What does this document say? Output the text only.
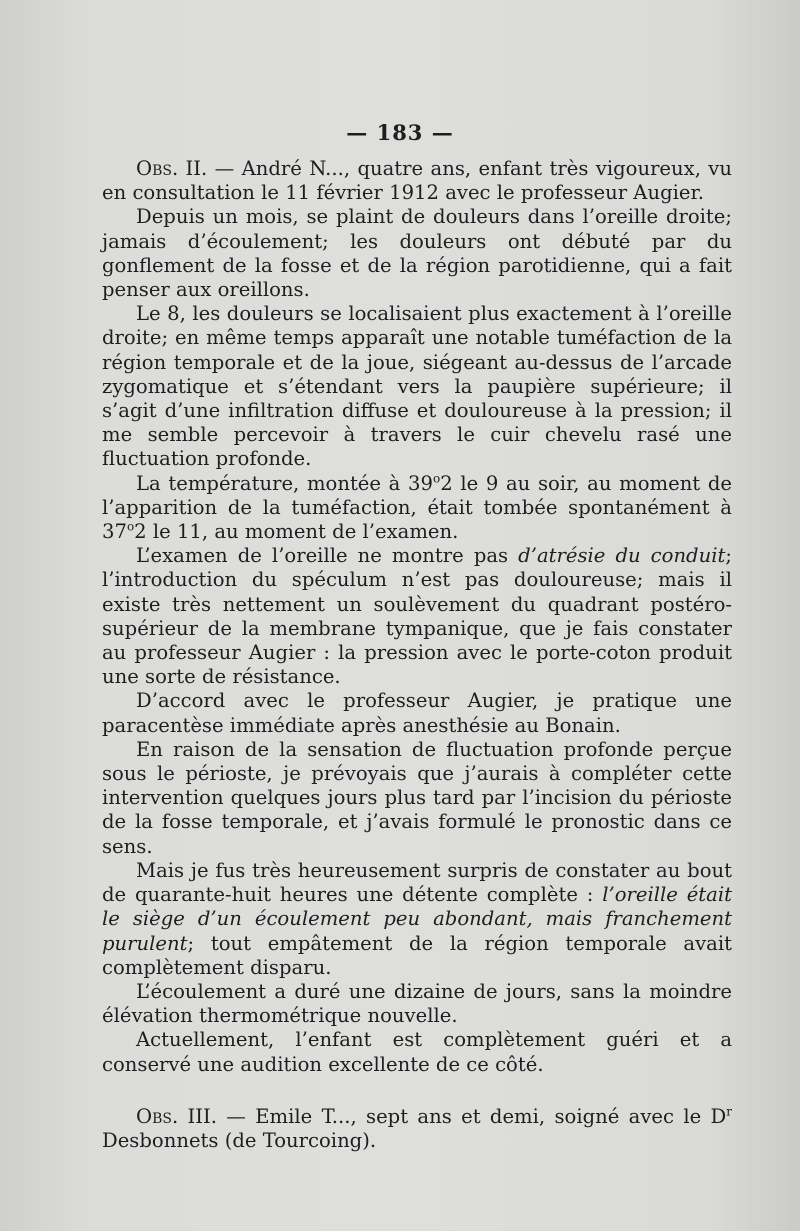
— 183 —

Obs. II. — André N..., quatre ans, enfant très vigoureux, vu en consultation le 11 février 1912 avec le professeur Augier.

Depuis un mois, se plaint de douleurs dans l’oreille droite; jamais d’écoulement; les douleurs ont débuté par du gonflement de la fosse et de la région parotidienne, qui a fait penser aux oreillons.

Le 8, les douleurs se localisaient plus exactement à l’oreille droite; en même temps apparaît une notable tuméfaction de la région temporale et de la joue, siégeant au-dessus de l’arcade zygomatique et s’étendant vers la paupière supérieure; il s’agit d’une infiltration diffuse et douloureuse à la pression; il me semble percevoir à travers le cuir chevelu rasé une fluctuation profonde.

La température, montée à 39$^o$2 le 9 au soir, au moment de l’apparition de la tuméfaction, était tombée spontanément à 37$^o$2 le 11, au moment de l’examen.

L’examen de l’oreille ne montre pas d’atrésie du conduit; l’introduction du spéculum n’est pas douloureuse; mais il existe très nettement un soulèvement du quadrant postéro-supérieur de la membrane tympanique, que je fais constater au professeur Augier : la pression avec le porte-coton produit une sorte de résistance.

D’accord avec le professeur Augier, je pratique une paracentèse immédiate après anesthésie au Bonain.

En raison de la sensation de fluctuation profonde perçue sous le périoste, je prévoyais que j’aurais à compléter cette intervention quelques jours plus tard par l’incision du périoste de la fosse temporale, et j’avais formulé le pronostic dans ce sens.

Mais je fus très heureusement surpris de constater au bout de quarante-huit heures une détente complète : l’oreille était le siège d’un écoulement peu abondant, mais franchement purulent; tout empâtement de la région temporale avait complètement disparu.

L’écoulement a duré une dizaine de jours, sans la moindre élévation thermométrique nouvelle.

Actuellement, l’enfant est complètement guéri et a conservé une audition excellente de ce côté.

Obs. III. — Emile T..., sept ans et demi, soigné avec le $D^r$ Desbonnets (de Tourcoing).
